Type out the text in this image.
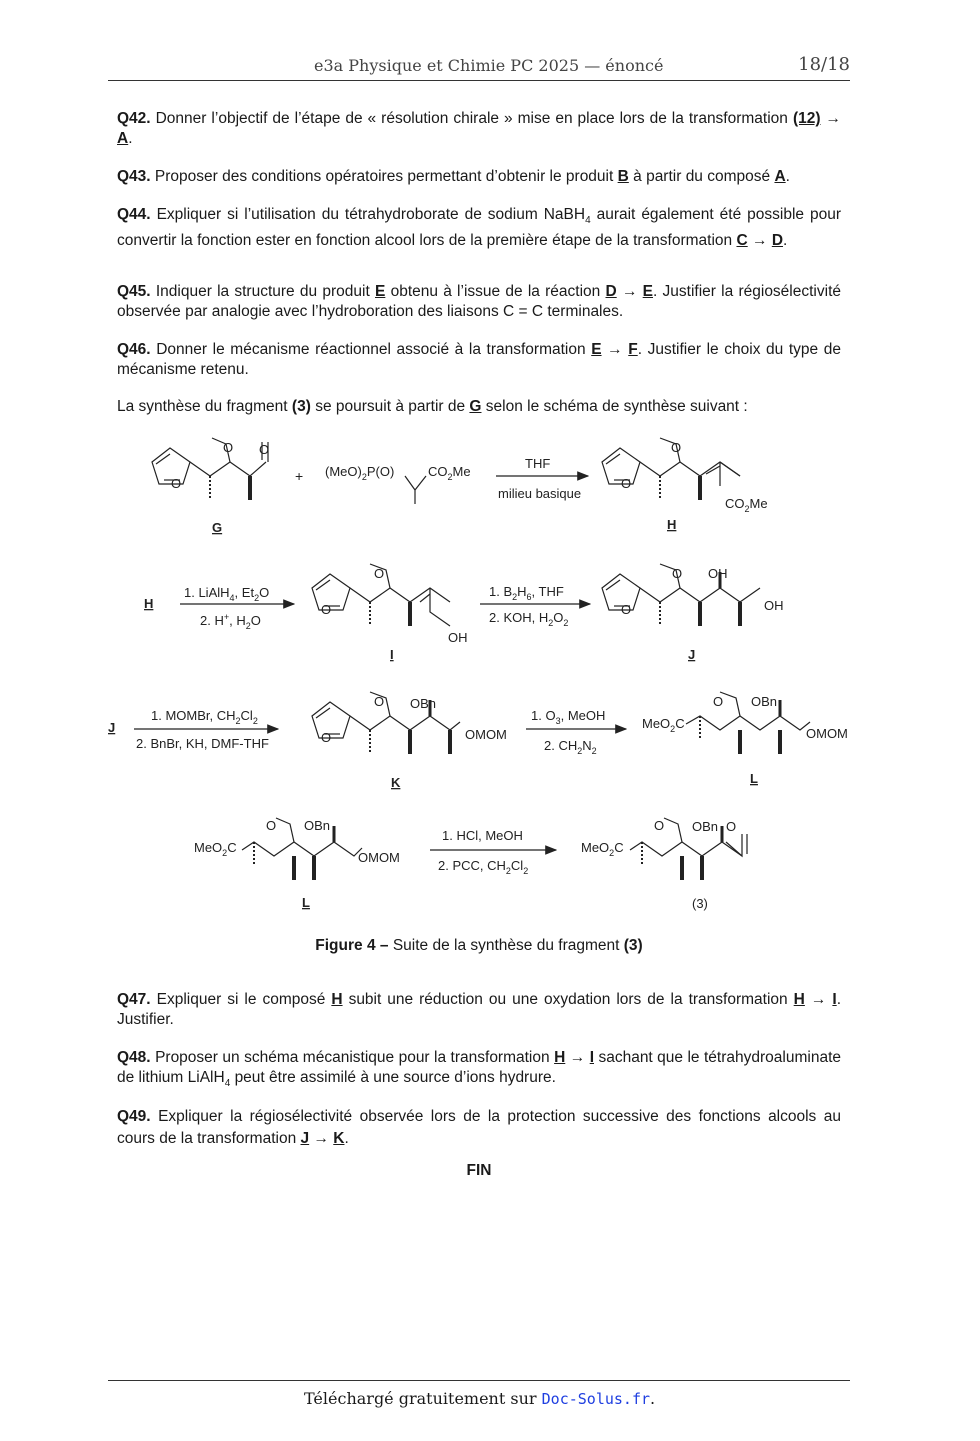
e3a Physique et Chimie PC 2025 — énoncé	18/18
Q42. Donner l’objectif de l’étape de « résolution chirale » mise en place lors de la transformation (12) → A.
Q43. Proposer des conditions opératoires permettant d’obtenir le produit B à partir du composé A.
Q44. Expliquer si l’utilisation du tétrahydroborate de sodium NaBH$_4$ aurait également été possible pour convertir la fonction ester en fonction alcool lors de la première étape de la transformation C → D.
Q45. Indiquer la structure du produit E obtenu à l’issue de la réaction D → E. Justifier la régiosélectivité observée par analogie avec l’hydroboration des liaisons C = C terminales.
Q46. Donner le mécanisme réactionnel associé à la transformation E → F. Justifier le choix du type de mécanisme retenu.
La synthèse du fragment (3) se poursuit à partir de G selon le schéma de synthèse suivant :
O
O O
+ $(MeO)_2P(O)$	$CO_2Me$
THF
milieu basique
O
O
$CO_2Me$
G	H
H
1. LiAlH$_4$, $Et_2O$
2. H+, $H_2O$
O
O
OH
I
1. $B_2H_6$, THF
2. KOH, $H_2O_2$
O
O OH
OH
J
J
1. MOMBr, $CH_2Cl_2$
2. BnBr, KH, DMF-THF	O
O OBn
OMOM
K
1. $O_3$, MeOH
2. $CH_2N_2$
MeO$_2$C
O OBn
OMOM
L
MeO$_2$C
O OBn
OMOM
L
1. HCl, MeOH
2. PCC, $CH_2Cl_2$
MeO$_2$C
O OBn O
(3)
Figure 4 – Suite de la synthèse du fragment (3)
Q47. Expliquer si le composé H subit une réduction ou une oxydation lors de la transformation H → I. Justifier.
Q48. Proposer un schéma mécanistique pour la transformation H → I sachant que le tétrahydroaluminate de lithium LiAlH$_4$ peut être assimilé à une source d’ions hydrure.
Q49. Expliquer la régiosélectivité observée lors de la protection successive des fonctions alcools au cours de la transformation J → K.
FIN
Téléchargé gratuitement sur Doc-Solus.fr.
